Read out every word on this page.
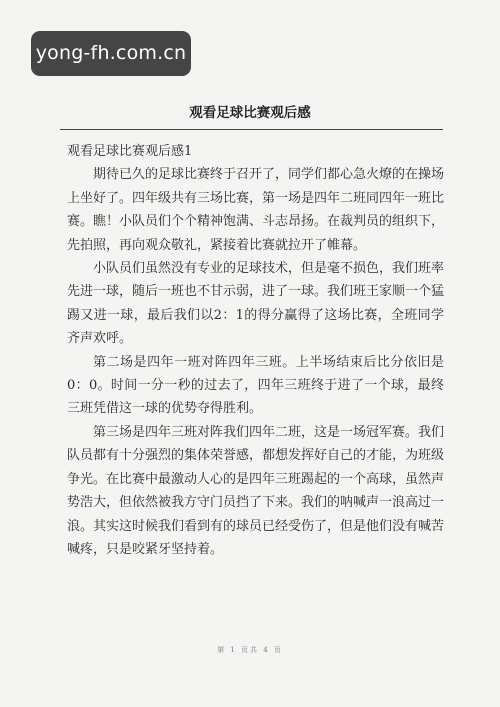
yong-fh.com.cn
观看足球比赛观后感

观看足球比赛观后感1

期待已久的足球比赛终于召开了，同学们都心急火燎的在操场上坐好了。四年级共有三场比赛，第一场是四年二班同四年一班比赛。瞧！小队员们个个精神饱满、斗志昂扬。在裁判员的组织下，先拍照，再向观众敬礼，紧接着比赛就拉开了帷幕。

小队员们虽然没有专业的足球技术，但是毫不损色，我们班率先进一球，随后一班也不甘示弱，进了一球。我们班王家顺一个猛踢又进一球，最后我们以2：1的得分赢得了这场比赛，全班同学齐声欢呼。

第二场是四年一班对阵四年三班。上半场结束后比分依旧是0：0。时间一分一秒的过去了，四年三班终于进了一个球，最终三班凭借这一球的优势夺得胜利。

第三场是四年三班对阵我们四年二班，这是一场冠军赛。我们队员都有十分强烈的集体荣誉感，都想发挥好自己的才能，为班级争光。在比赛中最激动人心的是四年三班踢起的一个高球，虽然声势浩大，但依然被我方守门员挡了下来。我们的呐喊声一浪高过一浪。其实这时候我们看到有的球员已经受伤了，但是他们没有喊苦喊疼，只是咬紧牙坚持着。

第 1 页共 4 页
